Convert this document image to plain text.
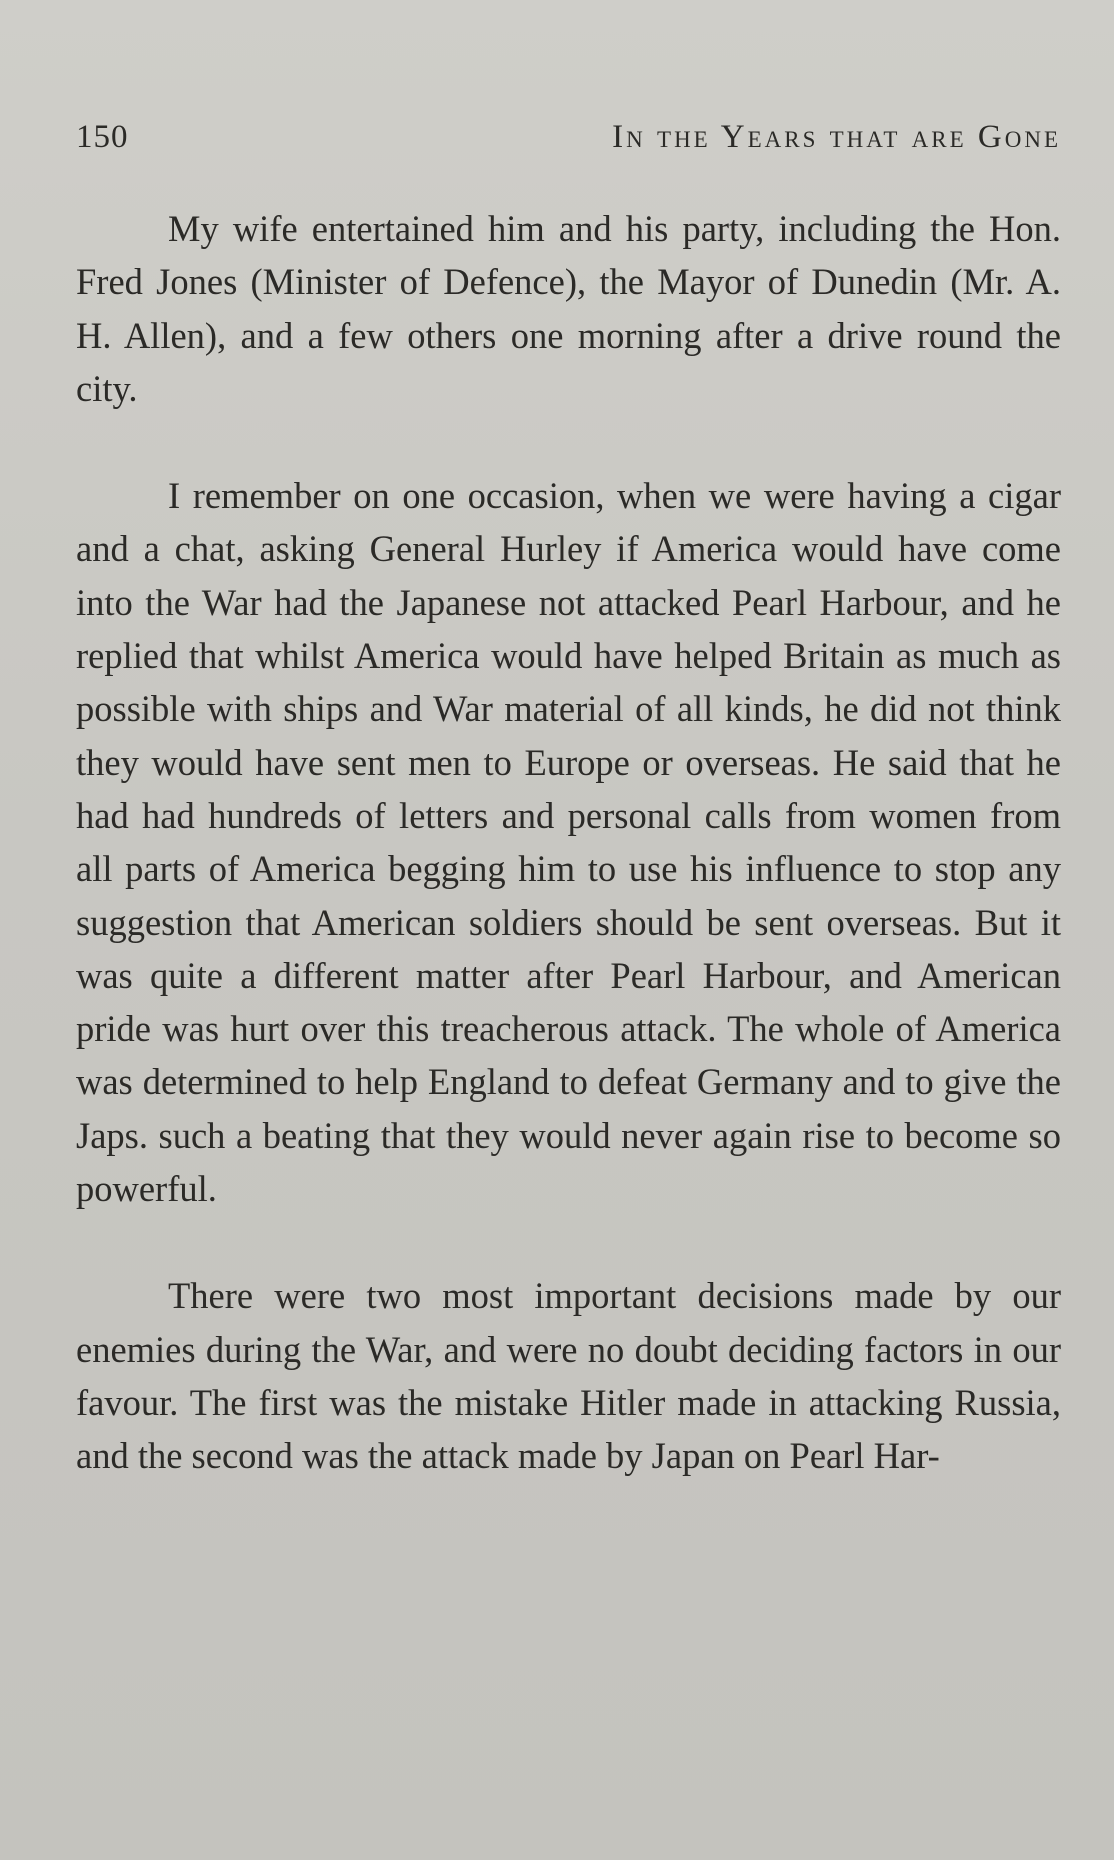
150	In the Years that are Gone

My wife entertained him and his party, including the Hon. Fred Jones (Minister of Defence), the Mayor of Dunedin (Mr. A. H. Allen), and a few others one morning after a drive round the city.

I remember on one occasion, when we were having a cigar and a chat, asking General Hurley if America would have come into the War had the Japanese not attacked Pearl Harbour, and he replied that whilst America would have helped Britain as much as possible with ships and War material of all kinds, he did not think they would have sent men to Europe or overseas. He said that he had had hundreds of letters and personal calls from women from all parts of America begging him to use his influence to stop any suggestion that American soldiers should be sent overseas. But it was quite a different matter after Pearl Harbour, and American pride was hurt over this treacherous attack. The whole of America was determined to help England to defeat Germany and to give the Japs. such a beating that they would never again rise to become so powerful.

There were two most important decisions made by our enemies during the War, and were no doubt deciding factors in our favour. The first was the mistake Hitler made in attacking Russia, and the second was the attack made by Japan on Pearl Har-
